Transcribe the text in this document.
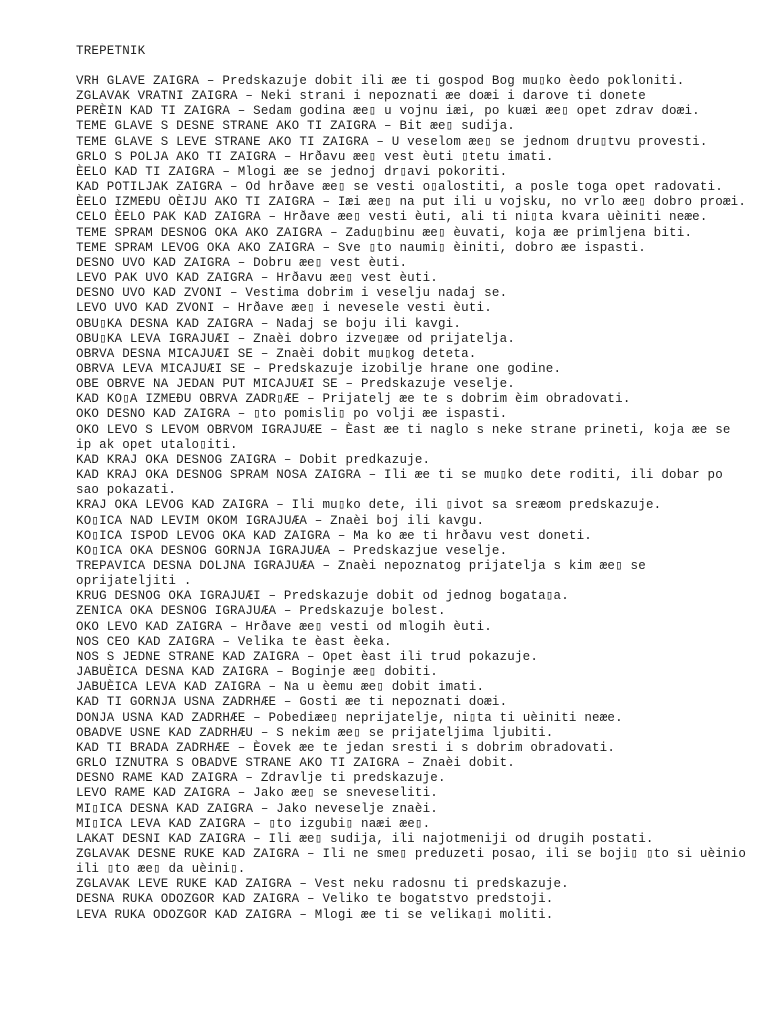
TREPETNIK
VRH GLAVE ZAIGRA – Predskazuje dobit ili æe ti gospod Bog mu▯ko èedo pokloniti.
ZGLAVAK VRATNI ZAIGRA – Neki strani i nepoznati æe doæi i darove ti donete
PERÈIN KAD TI ZAIGRA – Sedam godina æe▯ u vojnu iæi, po kuæi æe▯ opet zdrav doæi.
TEME GLAVE S DESNE STRANE AKO TI ZAIGRA – Bit æe▯ sudija.
TEME GLAVE S LEVE STRANE AKO TI ZAIGRA – U veselom æe▯ se jednom dru▯tvu provesti.
GRLO S POLJA AKO TI ZAIGRA – Hrðavu æe▯ vest èuti ▯tetu imati.
ÈELO KAD TI ZAIGRA – Mlogi æe se jednoj dr▯avi pokoriti.
KAD POTILJAK ZAIGRA – Od hrðave æe▯ se vesti o▯alostiti, a posle toga opet radovati.
ÈELO IZMEĐU OÈIJU AKO TI ZAIGRA – Iæi æe▯ na put ili u vojsku, no vrlo æe▯ dobro proæi.
CELO ÈELO PAK KAD ZAIGRA – Hrðave æe▯ vesti èuti, ali ti ni▯ta kvara uèiniti neæe.
TEME SPRAM DESNOG OKA AKO ZAIGRA – Zadu▯binu æe▯ èuvati, koja æe primljena biti.
TEME SPRAM LEVOG OKA AKO ZAIGRA – Sve ▯to naumi▯ èiniti, dobro æe ispasti.
DESNO UVO KAD ZAIGRA – Dobru æe▯ vest èuti.
LEVO PAK UVO KAD ZAIGRA – Hrðavu æe▯ vest èuti.
DESNO UVO KAD ZVONI – Vestima dobrim i veselju nadaj se.
LEVO UVO KAD ZVONI – Hrðave æe▯ i nevesele vesti èuti.
OBU▯KA DESNA KAD ZAIGRA – Nadaj se boju ili kavgi.
OBU▯KA LEVA IGRAJUÆI – Znaèi dobro izve▯æe od prijatelja.
OBRVA DESNA MICAJUÆI SE – Znaèi dobit mu▯kog deteta.
OBRVA LEVA MICAJUÆI SE – Predskazuje izobilje hrane one godine.
OBE OBRVE NA JEDAN PUT MICAJUÆI SE – Predskazuje veselje.
KAD KO▯A IZMEĐU OBRVA ZADR▯ÆE – Prijatelj æe te s dobrim èim obradovati.
OKO DESNO KAD ZAIGRA – ▯to pomisli▯ po volji æe ispasti.
OKO LEVO S LEVOM OBRVOM IGRAJUÆE – Èast æe ti naglo s neke strane prineti, koja æe se ip ak opet utalo▯iti.
KAD KRAJ OKA DESNOG ZAIGRA – Dobit predkazuje.
KAD KRAJ OKA DESNOG SPRAM NOSA ZAIGRA – Ili æe ti se mu▯ko dete roditi, ili dobar po sao pokazati.
KRAJ OKA LEVOG KAD ZAIGRA – Ili mu▯ko dete, ili ▯ivot sa sreæom predskazuje.
KO▯ICA NAD LEVIM OKOM IGRAJUÆA – Znaèi boj ili kavgu.
KO▯ICA ISPOD LEVOG OKA KAD ZAIGRA – Ma ko æe ti hrðavu vest doneti.
KO▯ICA OKA DESNOG GORNJA IGRAJUÆA – Predskazjue veselje.
TREPAVICA DESNA DOLJNA IGRAJUÆA – Znaèi nepoznatog prijatelja s kim æe▯ se oprijateljiti .
KRUG DESNOG OKA IGRAJUÆI – Predskazuje dobit od jednog bogata▯a.
ZENICA OKA DESNOG IGRAJUÆA – Predskazuje bolest.
OKO LEVO KAD ZAIGRA – Hrðave æe▯ vesti od mlogih èuti.
NOS CEO KAD ZAIGRA – Velika te èast èeka.
NOS S JEDNE STRANE KAD ZAIGRA – Opet èast ili trud pokazuje.
JABUÈICA DESNA KAD ZAIGRA – Boginje æe▯ dobiti.
JABUÈICA LEVA KAD ZAIGRA – Na u èemu æe▯ dobit imati.
KAD TI GORNJA USNA ZADRHÆE – Gosti æe ti nepoznati doæi.
DONJA USNA KAD ZADRHÆE – Pobediæe▯ neprijatelje, ni▯ta ti uèiniti neæe.
OBADVE USNE KAD ZADRHÆU – S nekim æe▯ se prijateljima ljubiti.
KAD TI BRADA ZADRHÆE – Èovek æe te jedan sresti i s dobrim obradovati.
GRLO IZNUTRA S OBADVE STRANE AKO TI ZAIGRA – Znaèi dobit.
DESNO RAME KAD ZAIGRA – Zdravlje ti predskazuje.
LEVO RAME KAD ZAIGRA – Jako æe▯ se sneveseliti.
MI▯ICA DESNA KAD ZAIGRA – Jako neveselje znaèi.
MI▯ICA LEVA KAD ZAIGRA – ▯to izgubi▯ naæi æe▯.
LAKAT DESNI KAD ZAIGRA – Ili æe▯ sudija, ili najotmeniji od drugih postati.
ZGLAVAK DESNE RUKE KAD ZAIGRA – Ili ne sme▯ preduzeti posao, ili se boji▯ ▯to si uèinio ili ▯to æe▯ da uèini▯.
ZGLAVAK LEVE RUKE KAD ZAIGRA – Vest neku radosnu ti predskazuje.
DESNA RUKA ODOZGOR KAD ZAIGRA – Veliko te bogatstvo predstoji.
LEVA RUKA ODOZGOR KAD ZAIGRA – Mlogi æe ti se velika▯i moliti.
